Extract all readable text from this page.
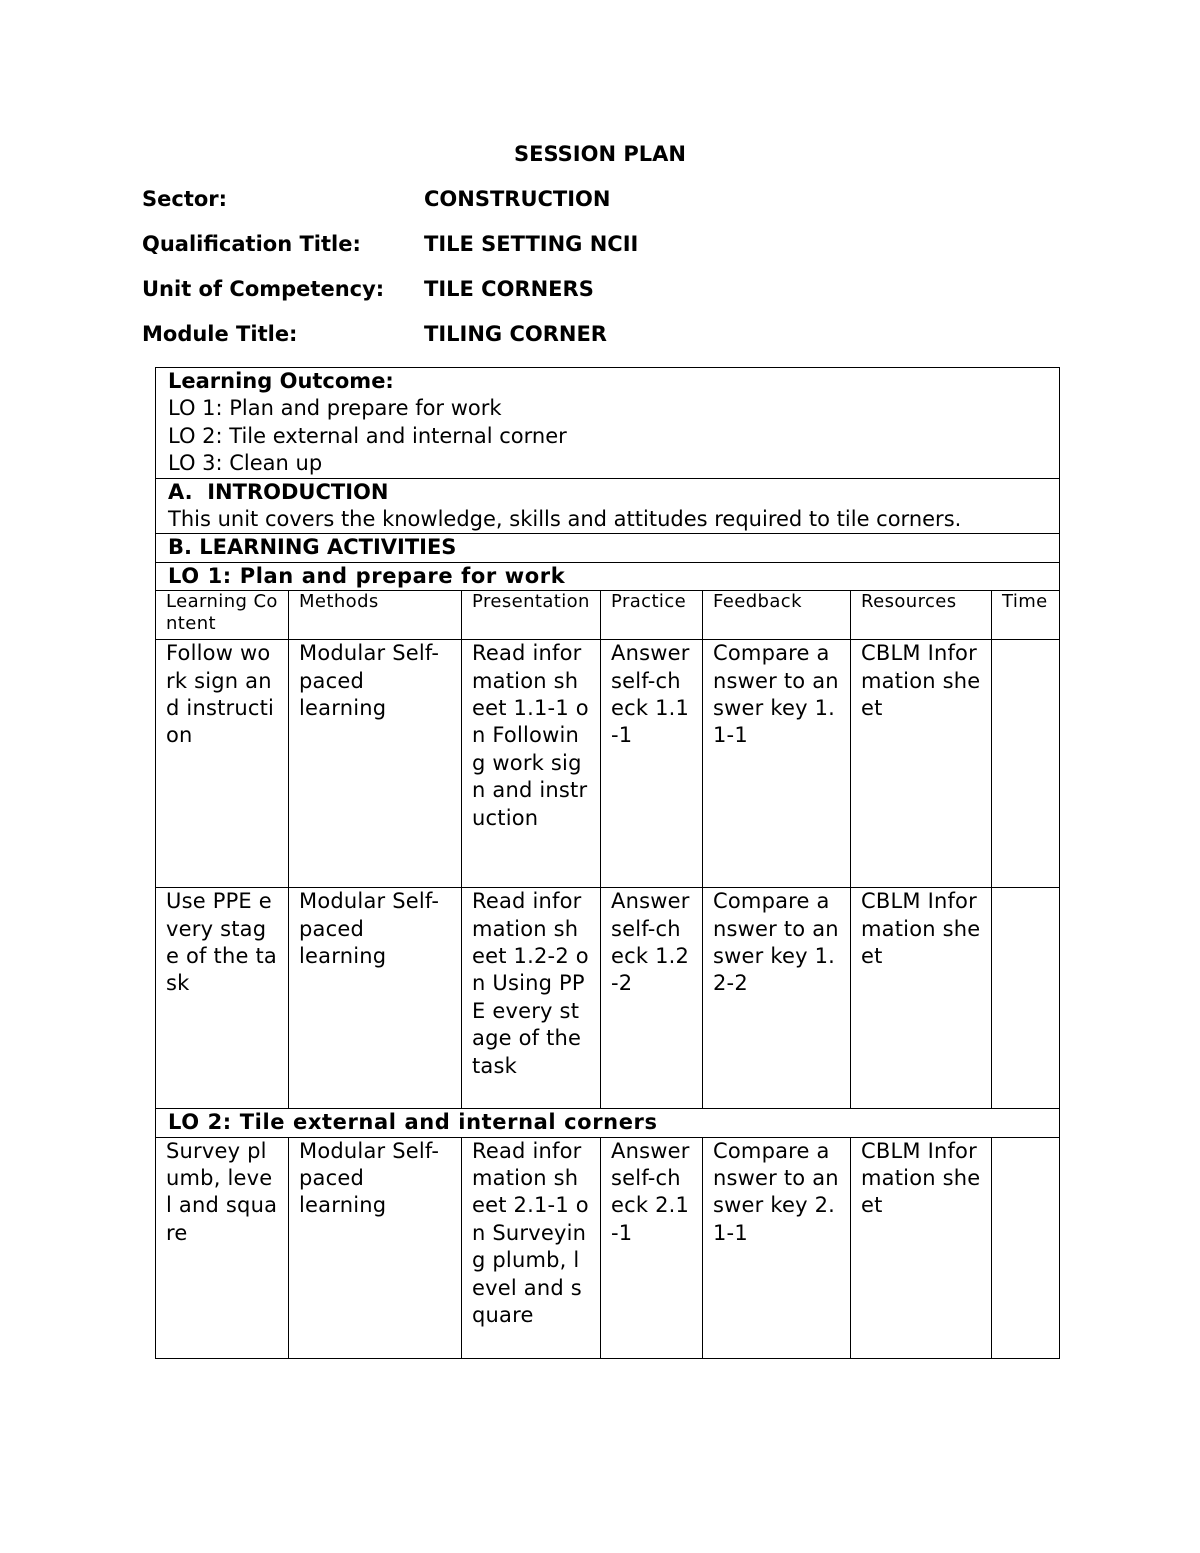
SESSION PLAN
Sector:	CONSTRUCTION
Qualification Title:	TILE SETTING NCII
Unit of Competency: TILE CORNERS
Module Title:	TILING CORNER
Learning Outcome:
LO 1: Plan and prepare for work
LO 2: Tile external and internal corner
LO 3: Clean up						

A.  INTRODUCTION
This unit covers the knowledge, skills and attitudes required to tile corners.						

B. LEARNING ACTIVITIES						
LO 1: Plan and prepare for work						
Learning Content	Methods	Presentation	Practice	Feedback	Resources	Time
Follow work sign and instruction	Modular Self-paced learning	Read information sheet 1.1-1 on Following work sign and instruction	Answer self-check 1.1-1	Compare answer to answer key 1.1-1	CBLM Information sheet	
Use PPE every stage of the task	Modular Self-paced learning	Read information sheet 1.2-2 on Using PPE every stage of the task	Answer self-check 1.2-2	Compare answer to answer key 1.2-2	CBLM Information sheet	
LO 2: Tile external and internal corners						
Survey plumb, level and square	Modular Self-paced learning	Read information sheet 2.1-1 on Surveying plumb, level and square	Answer self-check 2.1-1	Compare answer to answer key 2.1-1	CBLM Information sheet	
